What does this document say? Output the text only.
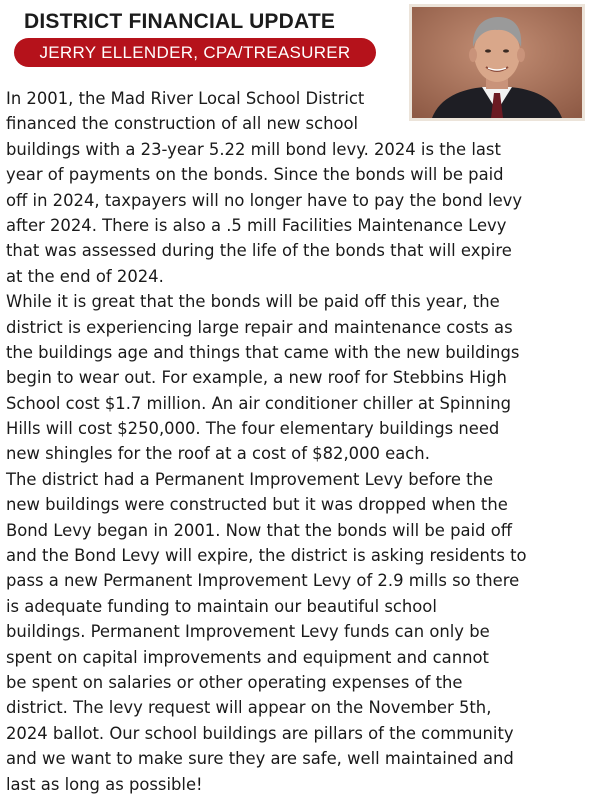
DISTRICT FINANCIAL UPDATE
JERRY ELLENDER, CPA/TREASURER
In 2001, the Mad River Local School District
financed the construction of all new school
buildings with a 23-year 5.22 mill bond levy. 2024 is the last
year of payments on the bonds. Since the bonds will be paid
off in 2024, taxpayers will no longer have to pay the bond levy
after 2024. There is also a .5 mill Facilities Maintenance Levy
that was assessed during the life of the bonds that will expire
at the end of 2024.
While it is great that the bonds will be paid off this year, the
district is experiencing large repair and maintenance costs as
the buildings age and things that came with the new buildings
begin to wear out. For example, a new roof for Stebbins High
School cost $1.7 million. An air conditioner chiller at Spinning
Hills will cost $250,000. The four elementary buildings need
new shingles for the roof at a cost of $82,000 each.
The district had a Permanent Improvement Levy before the
new buildings were constructed but it was dropped when the
Bond Levy began in 2001. Now that the bonds will be paid off
and the Bond Levy will expire, the district is asking residents to
pass a new Permanent Improvement Levy of 2.9 mills so there
is adequate funding to maintain our beautiful school
buildings. Permanent Improvement Levy funds can only be
spent on capital improvements and equipment and cannot
be spent on salaries or other operating expenses of the
district. The levy request will appear on the November 5th,
2024 ballot. Our school buildings are pillars of the community
and we want to make sure they are safe, well maintained and
last as long as possible!
